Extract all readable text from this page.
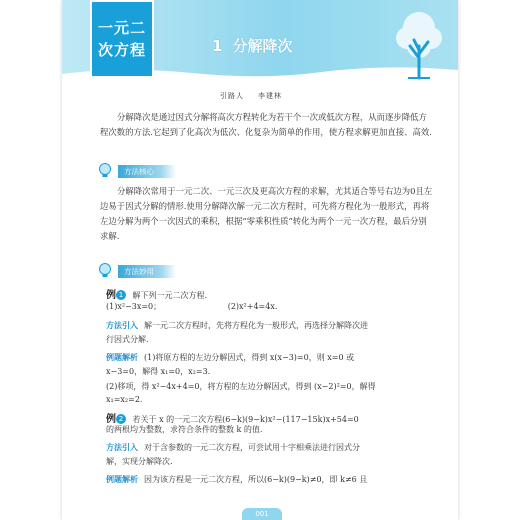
一元二
次方程	1 分解降次
引路人 李建林

分解降次是通过因式分解将高次方程转化为若干个一次或低次方程，从而逐步降低方程次数的方法.它起到了化高次为低次、化复杂为简单的作用，使方程求解更加直接、高效.

方法核心

分解降次常用于一元二次、一元三次及更高次方程的求解，尤其适合等号右边为0且左边易于因式分解的情形.使用分解降次解一元二次方程时，可先将方程化为一般形式，再将左边分解为两个一次因式的乘积，根据“零乘积性质”转化为两个一元一次方程，最后分别求解.

方法妙用
例 1 解下列一元二次方程.
(1)x²−3x=0；	(2)x²+4=4x.
方法引入 解一元二次方程时，先将方程化为一般形式，再选择分解降次进
行因式分解.
例题解析 (1)将原方程的左边分解因式，得到 x(x−3)=0，则 x=0 或
x−3=0，解得 x₁=0，x₂=3.
(2)移项，得 x²−4x+4=0，将方程的左边分解因式，得到 (x−2)²=0，解得
x₁=x₂=2.
例 2 若关于 x 的一元二次方程(6−k)(9−k)x²−(117−15k)x+54=0
的两根均为整数，求符合条件的整数 k 的值.
方法引入 对于含参数的一元二次方程，可尝试用十字相乘法进行因式分
解，实现分解降次.
例题解析 因为该方程是一元二次方程，所以(6−k)(9−k)≠0，即 k≠6 且
001
